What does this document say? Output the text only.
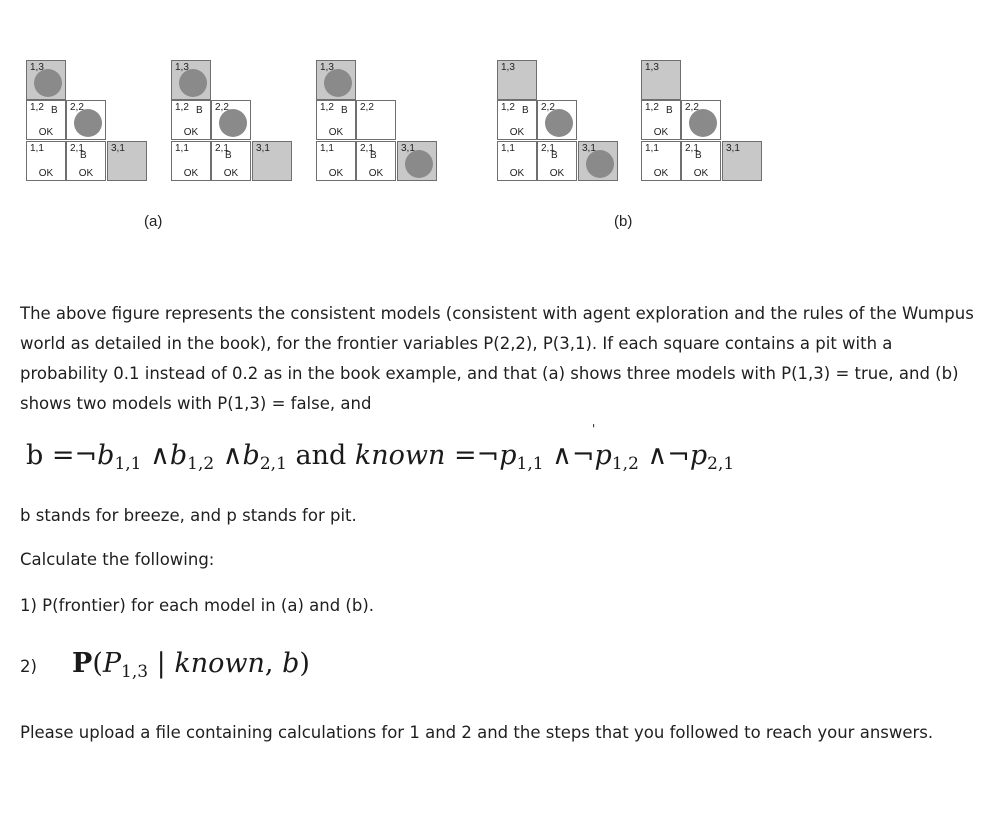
1,3
1,2 B
OK
2,2
1,1
OK
2,1
B
OK
3,1
1,3
1,2 B
OK
2,2
1,1
OK
2,1
B
OK
3,1
1,3
1,2 B
OK
2,2
1,1
OK
2,1
B
OK
3,1
1,3
1,2 B
OK
2,2
1,1
OK
2,1
B
OK
3,1
1,3
1,2 B
OK
2,2
1,1
OK
2,1
B
OK
3,1
(a)	(b)
The above figure represents the consistent models (consistent with agent exploration and the rules of the Wumpus world as detailed in the book), for the frontier variables P(2,2), P(3,1). If each square contains a pit with a probability 0.1 instead of 0.2 as in the book example, and that (a) shows three models with P(1,3) = true, and (b) shows two models with P(1,3) = false, and
$b =\neg b_{1,1}$ $\wedge b_{1,2}$ $\wedge b_{2,1}$ and known $=\neg p_{1,1}$ $\wedge\neg p_{1,2}$ $\wedge\neg p_{2,1}$
'
b stands for breeze, and p stands for pit.
Calculate the following:
1) P(frontier) for each model in (a) and (b).
2) $P(P_{1,3}$ | known, b)
Please upload a file containing calculations for 1 and 2 and the steps that you followed to reach your answers.
